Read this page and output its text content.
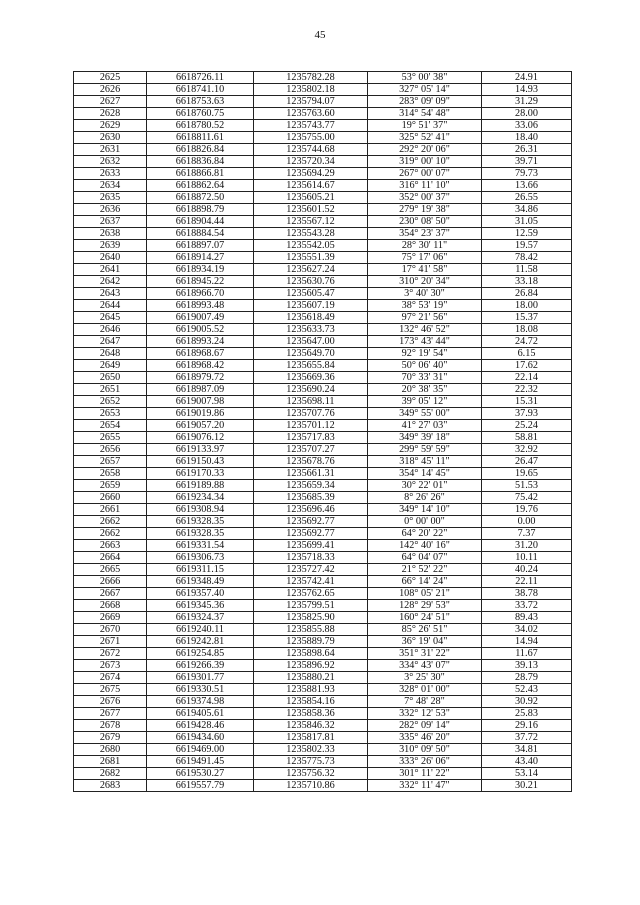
45
2625	6618726.11	1235782.28	53° 00' 38"	24.91
2626	6618741.10	1235802.18	327° 05' 14"	14.93
2627	6618753.63	1235794.07	283° 09' 09"	31.29
2628	6618760.75	1235763.60	314° 54' 48"	28.00
2629	6618780.52	1235743.77	19° 51' 37"	33.06
2630	6618811.61	1235755.00	325° 52' 41"	18.40
2631	6618826.84	1235744.68	292° 20' 06"	26.31
2632	6618836.84	1235720.34	319° 00' 10"	39.71
2633	6618866.81	1235694.29	267° 00' 07"	79.73
2634	6618862.64	1235614.67	316° 11' 10"	13.66
2635	6618872.50	1235605.21	352° 00' 37"	26.55
2636	6618898.79	1235601.52	279° 19' 38"	34.86
2637	6618904.44	1235567.12	230° 08' 50"	31.05
2638	6618884.54	1235543.28	354° 23' 37"	12.59
2639	6618897.07	1235542.05	28° 30' 11"	19.57
2640	6618914.27	1235551.39	75° 17' 06"	78.42
2641	6618934.19	1235627.24	17° 41' 58"	11.58
2642	6618945.22	1235630.76	310° 20' 34"	33.18
2643	6618966.70	1235605.47	3° 40' 30"	26.84
2644	6618993.48	1235607.19	38° 53' 19"	18.00
2645	6619007.49	1235618.49	97° 21' 56"	15.37
2646	6619005.52	1235633.73	132° 46' 52"	18.08
2647	6618993.24	1235647.00	173° 43' 44"	24.72
2648	6618968.67	1235649.70	92° 19' 54"	6.15
2649	6618968.42	1235655.84	50° 06' 40"	17.62
2650	6618979.72	1235669.36	70° 33' 31"	22.14
2651	6618987.09	1235690.24	20° 38' 35"	22.32
2652	6619007.98	1235698.11	39° 05' 12"	15.31
2653	6619019.86	1235707.76	349° 55' 00"	37.93
2654	6619057.20	1235701.12	41° 27' 03"	25.24
2655	6619076.12	1235717.83	349° 39' 18"	58.81
2656	6619133.97	1235707.27	299° 59' 59"	32.92
2657	6619150.43	1235678.76	318° 45' 11"	26.47
2658	6619170.33	1235661.31	354° 14' 45"	19.65
2659	6619189.88	1235659.34	30° 22' 01"	51.53
2660	6619234.34	1235685.39	8° 26' 26"	75.42
2661	6619308.94	1235696.46	349° 14' 10"	19.76
2662	6619328.35	1235692.77	0° 00' 00"	0.00
2662	6619328.35	1235692.77	64° 20' 22"	7.37
2663	6619331.54	1235699.41	142° 40' 16"	31.20
2664	6619306.73	1235718.33	64° 04' 07"	10.11
2665	6619311.15	1235727.42	21° 52' 22"	40.24
2666	6619348.49	1235742.41	66° 14' 24"	22.11
2667	6619357.40	1235762.65	108° 05' 21"	38.78
2668	6619345.36	1235799.51	128° 29' 53"	33.72
2669	6619324.37	1235825.90	160° 24' 51"	89.43
2670	6619240.11	1235855.88	85° 26' 51"	34.02
2671	6619242.81	1235889.79	36° 19' 04"	14.94
2672	6619254.85	1235898.64	351° 31' 22"	11.67
2673	6619266.39	1235896.92	334° 43' 07"	39.13
2674	6619301.77	1235880.21	3° 25' 30"	28.79
2675	6619330.51	1235881.93	328° 01' 00"	52.43
2676	6619374.98	1235854.16	7° 48' 28"	30.92
2677	6619405.61	1235858.36	332° 12' 53"	25.83
2678	6619428.46	1235846.32	282° 09' 14"	29.16
2679	6619434.60	1235817.81	335° 46' 20"	37.72
2680	6619469.00	1235802.33	310° 09' 50"	34.81
2681	6619491.45	1235775.73	333° 26' 06"	43.40
2682	6619530.27	1235756.32	301° 11' 22"	53.14
2683	6619557.79	1235710.86	332° 11' 47"	30.21
